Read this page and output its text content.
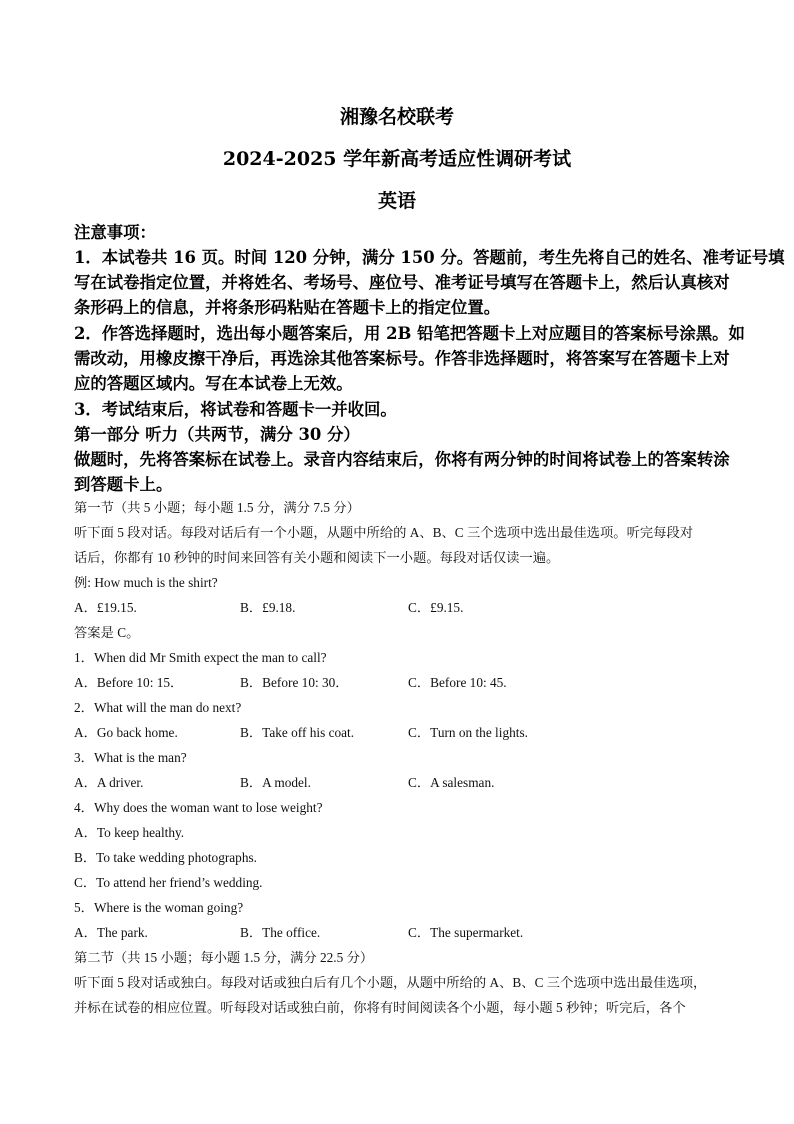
湘豫名校联考
2024-2025 学年新高考适应性调研考试
英语
注意事项：
1．本试卷共 16 页。时间 120 分钟，满分 150 分。答题前，考生先将自己的姓名、准考证号填
写在试卷指定位置，并将姓名、考场号、座位号、准考证号填写在答题卡上，然后认真核对
条形码上的信息，并将条形码粘贴在答题卡上的指定位置。
2．作答选择题时，选出每小题答案后，用 2B 铅笔把答题卡上对应题目的答案标号涂黑。如
需改动，用橡皮擦干净后，再选涂其他答案标号。作答非选择题时，将答案写在答题卡上对
应的答题区域内。写在本试卷上无效。
3．考试结束后，将试卷和答题卡一并收回。
第一部分 听力（共两节，满分 30 分）
做题时，先将答案标在试卷上。录音内容结束后，你将有两分钟的时间将试卷上的答案转涂
到答题卡上。
第一节（共 5 小题；每小题 1.5 分，满分 7.5 分）
听下面 5 段对话。每段对话后有一个小题，从题中所给的 A、B、C 三个选项中选出最佳选项。听完每段对
话后，你都有 10 秒钟的时间来回答有关小题和阅读下一小题。每段对话仅读一遍。
例: How much is the shirt?
A．£19.15.	B．£9.18.	C．£9.15.
答案是 C。
1．When did Mr Smith expect the man to call?
A．Before 10: 15．	B．Before 10: 30．	C．Before 10: 45.
2．What will the man do next?
A．Go back home.	B．Take off his coat.	C．Turn on the lights.
3．What is the man?
A．A driver.	B．A model.	C．A salesman.
4．Why does the woman want to lose weight?
A．To keep healthy.
B．To take wedding photographs.
C．To attend her friend’s wedding.
5．Where is the woman going?
A．The park.	B．The office.	C．The supermarket.
第二节（共 15 小题；每小题 1.5 分，满分 22.5 分）
听下面 5 段对话或独白。每段对话或独白后有几个小题，从题中所给的 A、B、C 三个选项中选出最佳选项，
并标在试卷的相应位置。听每段对话或独白前，你将有时间阅读各个小题，每小题 5 秒钟；听完后，各个
